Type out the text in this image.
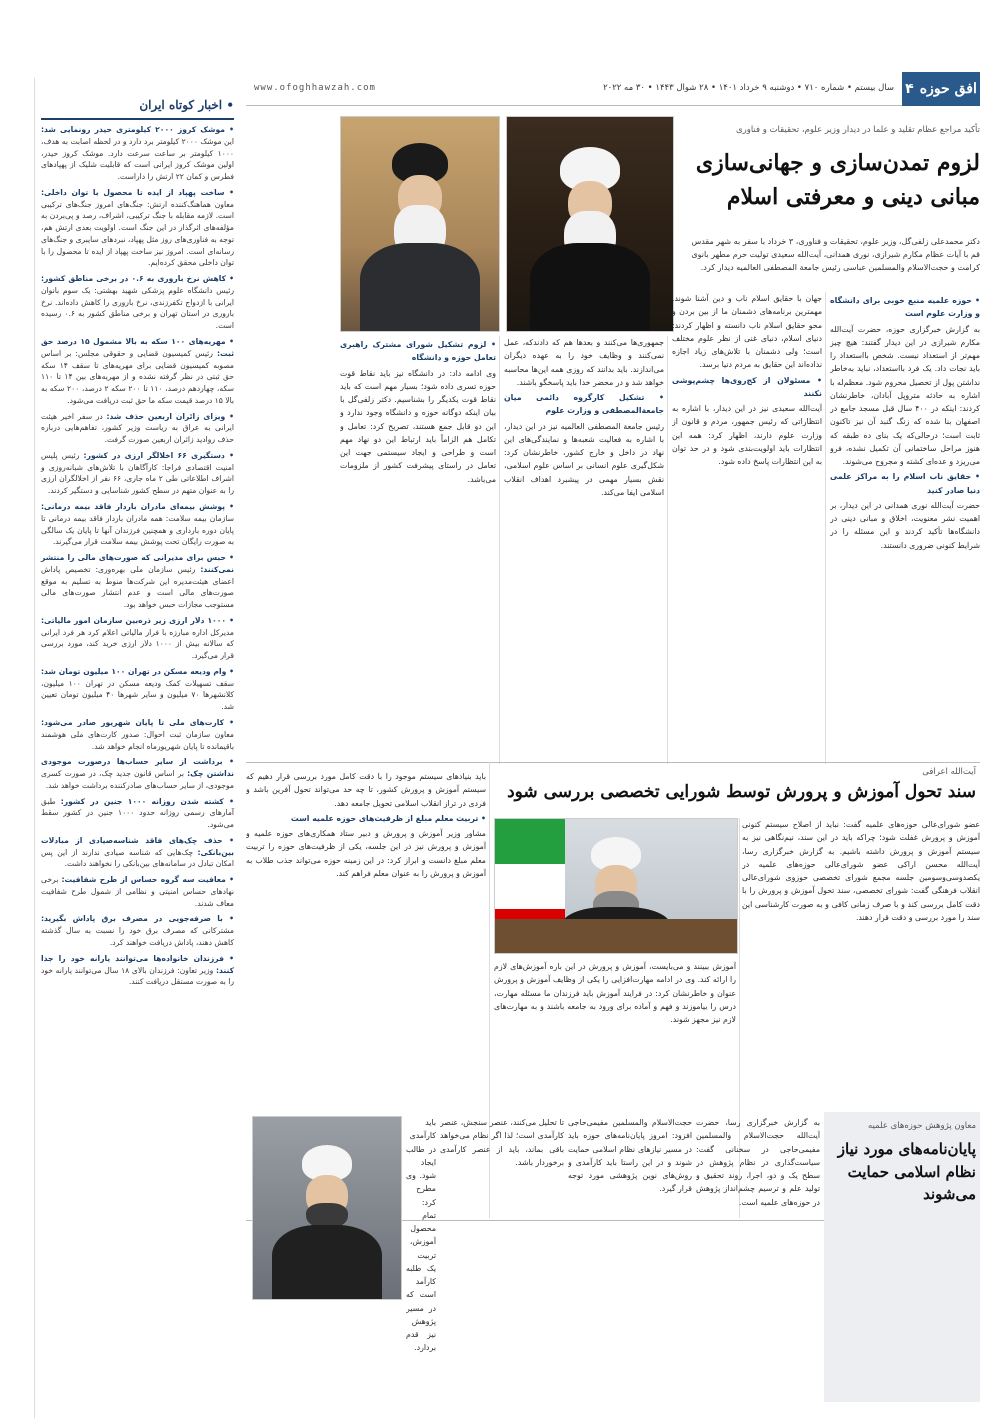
افق حوزه
۴
سال بیستم • شماره ۷۱۰ • دوشنبه ۹ خرداد ۱۴۰۱ • ۲۸ شوال ۱۴۴۳ • ۳۰ مه ۲۰۲۲
www.ofoghhawzah.com
• اخبار کوتاه ایران
• موشک کروز ۲۰۰۰ کیلومتری حیدر رونمایی شد: این موشک ۲۰۰۰ کیلومتر برد دارد و در لحظه اصابت به هدف، ۱۰۰۰ کیلومتر بر ساعت سرعت دارد. موشک کروز حیدر، اولین موشک کروز ایرانی است که قابلیت شلیک از پهپادهای فطرس و کمان ۲۲ ارتش را داراست.
• ساخت پهپاد از ایده تا محصول با توان داخلی: معاون هماهنگ‌کننده ارتش: جنگ‌های امروز جنگ‌های ترکیبی است. لازمه مقابله با جنگ ترکیبی، اشراف، رصد و پی‌بردن به مؤلفه‌های اثرگذار در این جنگ است. اولویت بعدی ارتش هم، توجه به فناوری‌های روز مثل پهپاد، نبردهای سایبری و جنگ‌های رسانه‌ای است. امروز نیز ساخت پهپاد از ایده تا محصول را با توان داخلی محقق کرده‌ایم.
• کاهش نرخ باروری به ۰.۶ در برخی مناطق کشور: رئیس دانشگاه علوم پزشکی شهید بهشتی: یک سوم بانوان ایرانی با ازدواج تکفرزندی، نرخ باروری را کاهش داده‌اند. نرخ باروری در استان تهران و برخی مناطق کشور به ۰.۶ رسیده است.
• مهریه‌های ۱۰۰ سکه به بالا مشمول ۱۵ درصد حق ثبت: رئیس کمیسیون قضایی و حقوقی مجلس: بر اساس مصوبه کمیسیون قضایی برای مهریه‌های تا سقف ۱۴ سکه حق ثبتی در نظر گرفته نشده و از مهریه‌های بین ۱۴ تا ۱۱۰ سکه، چهاردهم درصد، ۱۱۰ تا ۲۰۰ سکه ۲ درصد، ۲۰۰ سکه به بالا ۱۵ درصد قیمت سکه ما حق ثبت دریافت می‌شود.
• ویزای زائران اربعین حذف شد: در سفر اخیر هیئت ایرانی به عراق به ریاست وزیر کشور، تفاهم‌هایی درباره حذف روادید زائران اربعین صورت گرفت.
• دستگیری ۶۶ اخلالگر ارزی در کشور: رئیس پلیس امنیت اقتصادی فراجا: کارآگاهان با تلاش‌های شبانه‌روزی و اشراف اطلاعاتی طی ۲ ماه جاری، ۶۶ نفر از اخلالگران ارزی را به عنوان متهم در سطح کشور شناسایی و دستگیر کردند.
• پوشش بیمه‌ای مادران باردار فاقد بیمه درمانی: سازمان بیمه سلامت: همه مادران باردار فاقد بیمه درمانی تا پایان دوره بارداری و همچنین فرزندان آنها تا پایان یک سالگی به صورت رایگان تحت پوشش بیمه سلامت قرار می‌گیرند.
• حبس برای مدیرانی که صورت‌های مالی را منتشر نمی‌کنند: رئیس سازمان ملی بهره‌وری: تخصیص پاداش اعضای هیئت‌مدیره این شرکت‌ها منوط به تسلیم به موقع صورت‌های مالی است و عدم انتشار صورت‌های مالی مستوجب مجازات حبس خواهد بود.
• ۱۰۰۰ دلار ارزی زیر ذره‌بین سازمان امور مالیاتی: مدیرکل اداره مبارزه با فرار مالیاتی اعلام کرد هر فرد ایرانی که سالانه بیش از ۱۰۰۰ دلار ارزی خرید کند، مورد بررسی قرار می‌گیرد.
• وام ودیعه مسکن در تهران ۱۰۰ میلیون تومان شد: سقف تسهیلات کمک ودیعه مسکن در تهران ۱۰۰ میلیون، کلانشهرها ۷۰ میلیون و سایر شهرها ۴۰ میلیون تومان تعیین شد.
• کارت‌های ملی تا پایان شهریور صادر می‌شود: معاون سازمان ثبت احوال: صدور کارت‌های ملی هوشمند باقیمانده تا پایان شهریورماه انجام خواهد شد.
• برداشت از سایر حساب‌ها درصورت موجودی نداشتن چک: بر اساس قانون جدید چک، در صورت کسری موجودی، از سایر حساب‌های صادرکننده برداشت خواهد شد.
• کشته شدن روزانه ۱۰۰۰ جنین در کشور: طبق آمارهای رسمی روزانه حدود ۱۰۰۰ جنین در کشور سقط می‌شود.
• حذف چک‌های فاقد شناسه‌صیادی از مبادلات بین‌بانکی: چک‌هایی که شناسه صیادی ندارند از این پس امکان تبادل در سامانه‌های بین‌بانکی را نخواهند داشت.
• معافیت سه گروه حساس از طرح شفافیت: برخی نهادهای حساس امنیتی و نظامی از شمول طرح شفافیت معاف شدند.
• با صرفه‌جویی در مصرف برق پاداش بگیرید: مشترکانی که مصرف برق خود را نسبت به سال گذشته کاهش دهند، پاداش دریافت خواهند کرد.
• فرزندان خانواده‌ها می‌توانند یارانه خود را جدا کنند: وزیر تعاون: فرزندان بالای ۱۸ سال می‌توانند یارانه خود را به صورت مستقل دریافت کنند.
تأکید مراجع عظام تقلید و علما در دیدار وزیر علوم، تحقیقات و فناوری
لزوم تمدن‌سازی و جهانی‌سازی مبانی دینی و معرفتی اسلام
دکتر محمدعلی زلفی‌گل، وزیر علوم، تحقیقات و فناوری، ۳ خرداد با سفر به شهر مقدس قم با آیات عظام مکارم شیرازی، نوری همدانی، آیت‌الله سعیدی تولیت حرم مطهر بانوی کرامت و حجت‌الاسلام والمسلمین عباسی رئیس جامعة المصطفی العالمیه دیدار کرد.
• حوزه علمیه منبع خوبی برای دانشگاه و وزارت علوم است
به گزارش خبرگزاری حوزه، حضرت آیت‌الله مکارم شیرازی در این دیدار گفتند: هیچ چیز مهم‌تر از استعداد نیست. شخص بااستعداد را باید نجات داد. یک فرد بااستعداد، نباید به‌خاطر نداشتن پول از تحصیل محروم شود. معظم‌له با اشاره به حادثه متروپل آبادان، خاطرنشان کردند: اینکه در ۴۰۰ سال قبل مسجد جامع در اصفهان بنا شده که زنگ گنبد آن نیز تاکنون ثابت است؛ درحالی‌که یک بنای ده طبقه که هنوز مراحل ساختمانی آن تکمیل نشده، فرو می‌ریزد و عده‌ای کشته و مجروح می‌شوند.
• حقایق ناب اسلام را به مراکز علمی دنیا صادر کنید
حضرت آیت‌الله نوری همدانی در این دیدار، بر اهمیت نشر معنویت، اخلاق و مبانی دینی در دانشگاه‌ها تأکید کردند و این مسئله را در شرایط کنونی ضروری دانستند.
جهان با حقایق اسلام ناب و دین آشنا شوند. مهمترین برنامه‌های دشمنان ما از بین بردن و محو حقایق اسلام ناب دانسته و اظهار کردند: دنیای اسلام، دنیای غنی از نظر علوم مختلف است؛ ولی دشمنان با تلاش‌های زیاد اجازه نداده‌اند این حقایق به مردم دنیا برسد.
• مسئولان از کج‌روی‌ها چشم‌پوشی نکنند
آیت‌الله سعیدی نیز در این دیدار، با اشاره به انتظاراتی که رئیس جمهور، مردم و قانون از وزارت علوم دارند، اظهار کرد: همه این انتظارات باید اولویت‌بندی شود و در حد توان به این انتظارات پاسخ داده شود.
جمهوری‌ها می‌کنند و بعدها هم که دادندکه، عمل نمی‌کنند و وظایف خود را به عهده دیگران می‌اندازند. باید بدانند که روزی همه این‌ها محاسبه خواهد شد و در محضر خدا باید پاسخگو باشند.
• تشکیل کارگروه دائمی میان جامعة‌المصطفی و وزارت علوم
رئیس جامعة المصطفی العالمیه نیز در این دیدار، با اشاره به فعالیت شعبه‌ها و نمایندگی‌های این نهاد در داخل و خارج کشور، خاطرنشان کرد: شکل‌گیری علوم انسانی بر اساس علوم اسلامی، نقش بسیار مهمی در پیشبرد اهداف انقلاب اسلامی ایفا می‌کند.
• لزوم تشکیل شورای مشترک راهبری تعامل حوزه و دانشگاه
وی ادامه داد: در دانشگاه نیز باید نقاط قوت حوزه تسری داده شود؛ بسیار مهم است که باید نقاط قوت یکدیگر را بشناسیم. دکتر زلفی‌گل با بیان اینکه دوگانه حوزه و دانشگاه وجود ندارد و این دو قابل جمع هستند، تصریح کرد: تعامل و تکامل هم الزاماً باید ارتباط این دو نهاد مهم است و طراحی و ایجاد سیستمی جهت این تعامل در راستای پیشرفت کشور از ملزومات می‌باشد.
آیت‌الله اعرافی
سند تحول آموزش و پرورش توسط شورایی تخصصی بررسی شود
عضو شورای‌عالی حوزه‌های علمیه گفت: نباید از اصلاح سیستم کنونی آموزش و پرورش غفلت شود؛ چراکه باید در این سند، نیم‌نگاهی نیز به سیستم آموزش و پرورش داشته باشیم. به گزارش خبرگزاری رسا، آیت‌الله محسن اراکی عضو شورای‌عالی حوزه‌های علمیه در یکصدوسی‌وسومین جلسه مجمع شورای تخصصی حوزوی شورای‌عالی انقلاب فرهنگی گفت: شورای تخصصی، سند تحول آموزش و پرورش را با دقت کامل بررسی کند و با صرف زمانی کافی و به صورت کارشناسی این سند را مورد بررسی و دقت قرار دهند.
آموزش ببینند و می‌بایست، آموزش و پرورش در این باره آموزش‌های لازم را ارائه کند. وی در ادامه مهارت‌افزایی را یکی از وظایف آموزش و پرورش عنوان و خاطرنشان کرد: در فرایند آموزش باید فرزندان ما مسئله مهارت، درس را بیاموزند و فهم و آماده برای ورود به جامعه باشند و به مهارت‌های لازم نیز مجهز شوند.
باید بنیادهای سیستم موجود را با دقت کامل مورد بررسی قرار دهیم که سیستم آموزش و پرورش کشور، تا چه حد می‌تواند تحول آفرین باشد و فردی در تراز انقلاب اسلامی تحویل جامعه دهد.
• تربیت معلم مبلغ از ظرفیت‌های حوزه علمیه است
مشاور وزیر آموزش و پرورش و دبیر ستاد همکاری‌های حوزه علمیه و آموزش و پرورش نیز در این جلسه، یکی از ظرفیت‌های حوزه را تربیت معلم مبلغ دانست و ابراز کرد: در این زمینه حوزه می‌تواند جذب طلاب به آموزش و پرورش را به عنوان معلم فراهم کند.
معاون پژوهش حوزه‌های علمیه
پایان‌نامه‌های مورد نیاز نظام اسلامی حمایت می‌شوند
به گزارش خبرگزاری رسا، حضرت آیت‌الله حجت‌الاسلام والمسلمین مفیمی‌حاجی در سخنانی گفت: سیاست‌گذاری در نظام پژوهش در سطح یک و دو، اجرا، روند تحقیق و تولید علم و ترسیم چشم‌انداز پژوهش در حوزه‌های علمیه است.
حجت‌الاسلام والمسلمین مفیمی‌حاجی افزود: امروز پایان‌نامه‌های حوزه باید در مسیر نیازهای نظام اسلامی حمایت شوند و در این راستا باید کارآمدی و روش‌های نوین پژوهشی مورد توجه قرار گیرد.
تا تحلیل می‌کنند، عنصر سنجش، عنصر کارآمدی است؛ لذا اگر نظام می‌خواهد باقی بماند، باید از عنصر کارآمدی برخوردار باشد.
باید کارآمدی در طالب ایجاد شود. وی مطرح کرد: تمام محصول آموزش، تربیت یک طلبه کارآمد است که در مسیر پژوهش نیز قدم بردارد.
